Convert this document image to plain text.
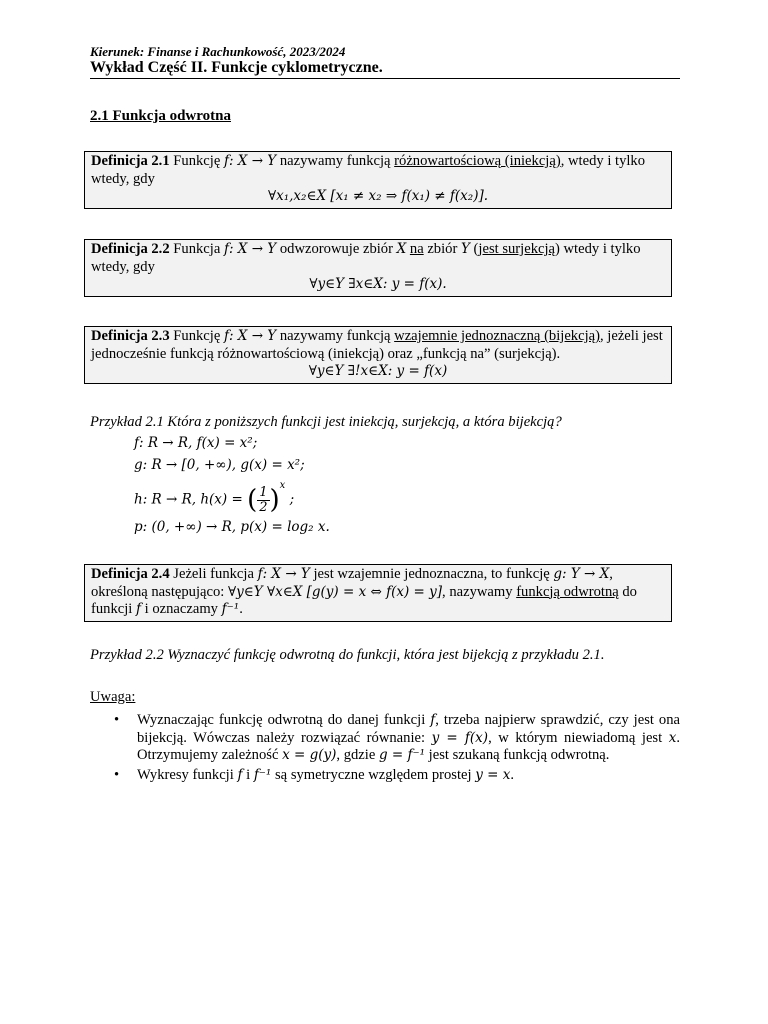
Kierunek: Finanse i Rachunkowość, 2023/2024
Wykład Część II. Funkcje cyklometryczne.
2.1 Funkcja odwrotna
Definicja 2.1 Funkcję f: X → Y nazywamy funkcją różnowartościową (iniekcją), wtedy i tylko wtedy, gdy
∀x₁,x₂∈X [x₁ ≠ x₂ ⇒ f(x₁) ≠ f(x₂)].
Definicja 2.2 Funkcja f: X → Y odwzorowuje zbiór X na zbiór Y (jest surjekcją) wtedy i tylko wtedy, gdy
∀y∈Y ∃x∈X: y = f(x).
Definicja 2.3 Funkcję f: X → Y nazywamy funkcją wzajemnie jednoznaczną (bijekcją), jeżeli jest jednocześnie funkcją różnowartościową (iniekcją) oraz „funkcją na” (surjekcją).
∀y∈Y ∃!x∈X: y = f(x)
Przykład 2.1 Która z poniższych funkcji jest iniekcją, surjekcją, a która bijekcją?
f: R → R, f(x) = x²;
g: R → [0, +∞), g(x) = x²;
h: R → R, h(x) = ( $\frac{1}{2} )^x$ ;
p: (0, +∞) → R, p(x) = log₂ x.
Definicja 2.4 Jeżeli funkcja f: X → Y jest wzajemnie jednoznaczna, to funkcję g: Y → X, określoną następująco: ∀y∈Y ∀x∈X [g(y) = x ⇔ f(x) = y], nazywamy funkcją odwrotną do funkcji f i oznaczamy f⁻¹.
Przykład 2.2 Wyznaczyć funkcję odwrotną do funkcji, która jest bijekcją z przykładu 2.1.
Uwaga:
• Wyznaczając funkcję odwrotną do danej funkcji f, trzeba najpierw sprawdzić, czy jest ona bijekcją. Wówczas należy rozwiązać równanie: y = f(x), w którym niewiadomą jest x. Otrzymujemy zależność x = g(y), gdzie g = f⁻¹ jest szukaną funkcją odwrotną.
• Wykresy funkcji f i f⁻¹ są symetryczne względem prostej y = x.
